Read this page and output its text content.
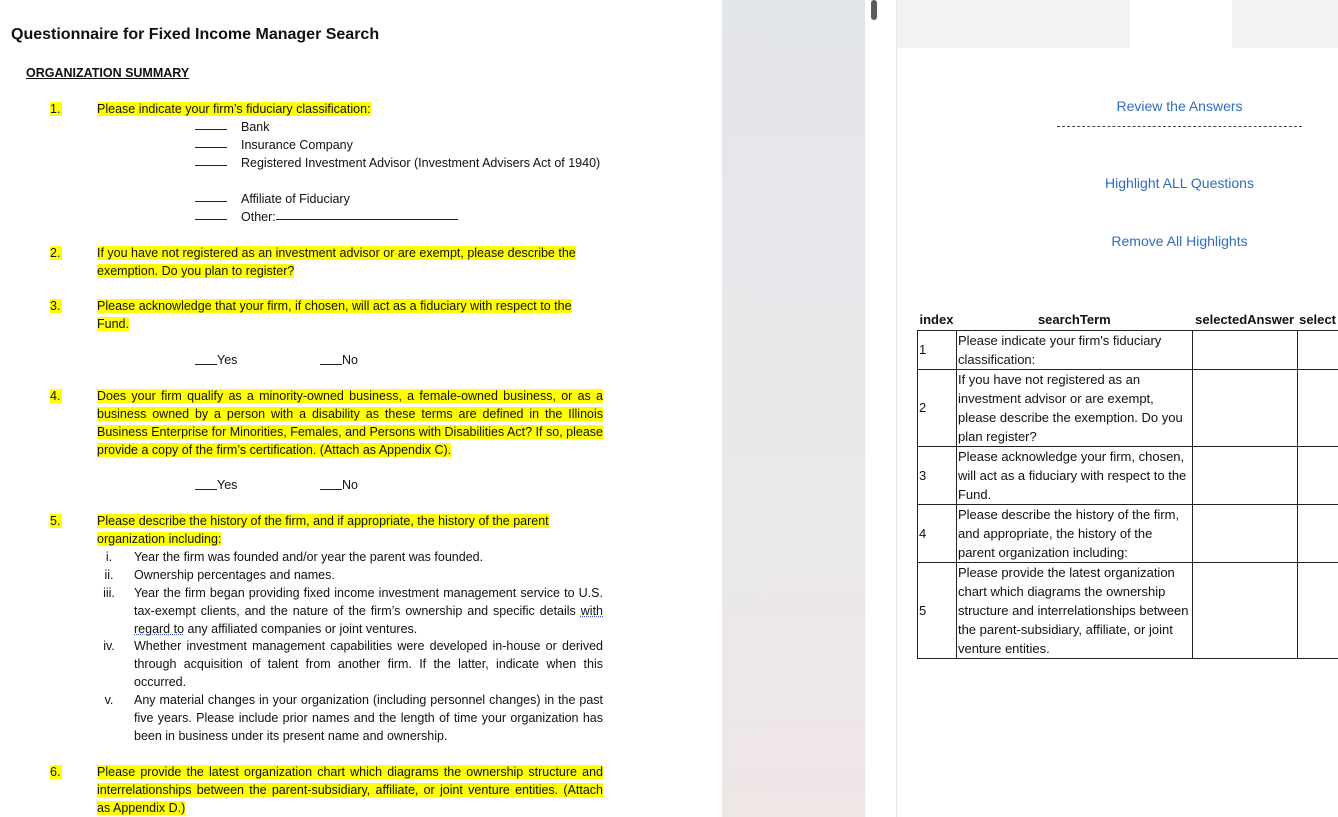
Questionnaire for Fixed Income Manager Search
ORGANIZATION SUMMARY
1.	Please indicate your firm’s fiduciary classification:
Bank
Insurance Company
Registered Investment Advisor (Investment Advisers Act of 1940)
Affiliate of Fiduciary
Other:
2.	If you have not registered as an investment advisor or are exempt, please describe the exemption. Do you plan to register?
3.	Please acknowledge that your firm, if chosen, will act as a fiduciary with respect to the Fund.
Yes	No
4.	Does your firm qualify as a minority-owned business, a female-owned business, or as a business owned by a person with a disability as these terms are defined in the Illinois Business Enterprise for Minorities, Females, and Persons with Disabilities Act? If so, please provide a copy of the firm’s certification. (Attach as Appendix C).
Yes	No
5.	Please describe the history of the firm, and if appropriate, the history of the parent organization including:
i.	Year the firm was founded and/or year the parent was founded.
ii.	Ownership percentages and names.
iii.	Year the firm began providing fixed income investment management service to U.S. tax-exempt clients, and the nature of the firm’s ownership and specific details with regard to any affiliated companies or joint ventures.
iv.	Whether investment management capabilities were developed in-house or derived through acquisition of talent from another firm. If the latter, indicate when this occurred.
v.	Any material changes in your organization (including personnel changes) in the past five years. Please include prior names and the length of time your organization has been in business under its present name and ownership.
6.	Please provide the latest organization chart which diagrams the ownership structure and interrelationships between the parent-subsidiary, affiliate, or joint venture entities. (Attach as Appendix D.)
Review the Answers
Highlight ALL Questions
Remove All Highlights
index	searchTerm	selectedAnswer	select
1	Please indicate your firm's fiduciary classification:		
2	If you have not registered as an investment advisor or are exempt, please describe the exemption. Do you plan register?		
3	Please acknowledge your firm, chosen, will act as a fiduciary with respect to the Fund.		
4	Please describe the history of the firm, and appropriate, the history of the parent organization including:		
5	Please provide the latest organization chart which diagrams the ownership structure and interrelationships between the parent-subsidiary, affiliate, or joint venture entities.		
